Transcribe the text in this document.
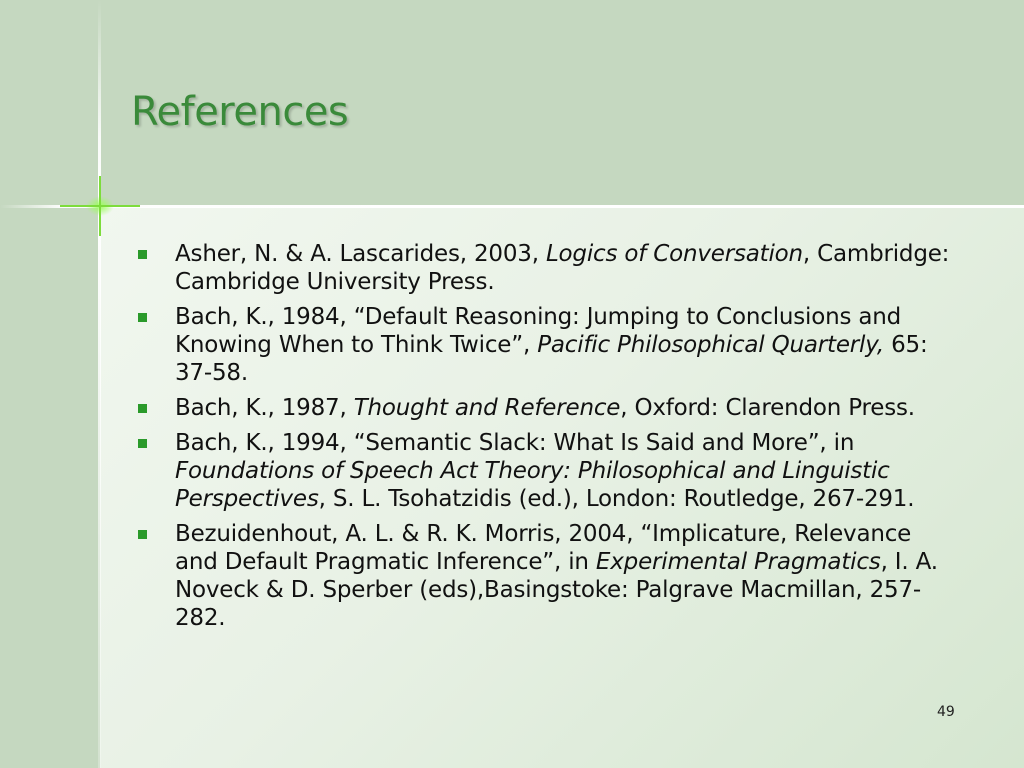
References
Asher, N. & A. Lascarides, 2003, Logics of Conversation, Cambridge: Cambridge University Press.
Bach, K., 1984, “Default Reasoning: Jumping to Conclusions and Knowing When to Think Twice”, Pacific Philosophical Quarterly, 65: 37-58.
Bach, K., 1987, Thought and Reference, Oxford: Clarendon Press.
Bach, K., 1994, “Semantic Slack: What Is Said and More”, in Foundations of Speech Act Theory: Philosophical and Linguistic Perspectives, S. L. Tsohatzidis (ed.), London: Routledge, 267-291.
Bezuidenhout, A. L. & R. K. Morris, 2004, “Implicature, Relevance and Default Pragmatic Inference”, in Experimental Pragmatics, I. A. Noveck & D. Sperber (eds),Basingstoke: Palgrave Macmillan, 257-282.
49
